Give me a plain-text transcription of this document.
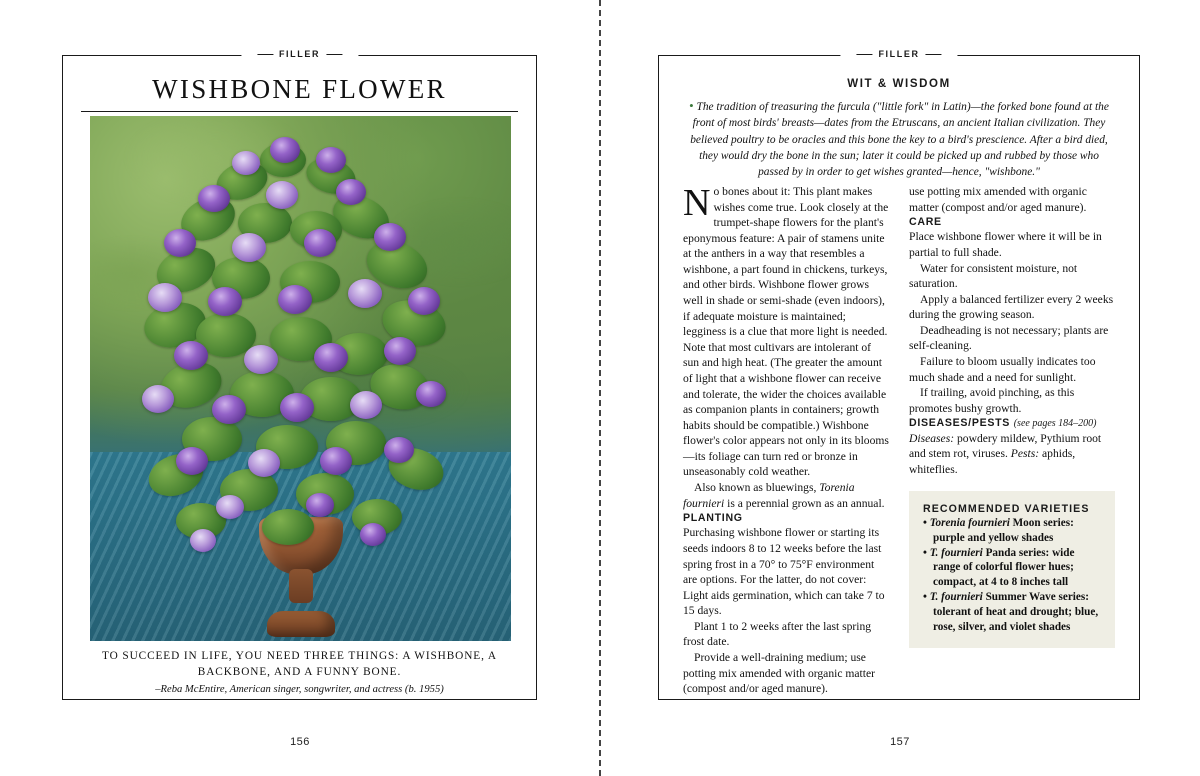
FILLER
WISHBONE FLOWER

TO SUCCEED IN LIFE, YOU NEED THREE THINGS: A WISHBONE, A BACKBONE, AND A FUNNY BONE.

–Reba McEntire, American singer, songwriter, and actress (b. 1955)

156
FILLER

WIT & WISDOM

• The tradition of treasuring the furcula ("little fork" in Latin)—the forked bone found at the front of most birds' breasts—dates from the Etruscans, an ancient Italian civilization. They believed poultry to be oracles and this bone the key to a bird's prescience. After a bird died, they would dry the bone in the sun; later it could be picked up and rubbed by those who passed by in order to get wishes granted—hence, "wishbone."

No bones about it: This plant makes wishes come true. Look closely at the trumpet-shape flowers for the plant's eponymous feature: A pair of stamens unite at the anthers in a way that resembles a wishbone, a part found in chickens, turkeys, and other birds. Wishbone flower grows well in shade or semi-shade (even indoors), if adequate moisture is maintained; legginess is a clue that more light is needed. Note that most cultivars are intolerant of sun and high heat. (The greater the amount of light that a wishbone flower can receive and tolerate, the wider the choices available as companion plants in containers; growth habits should be compatible.) Wishbone flower's color appears not only in its blooms—its foliage can turn red or bronze in unseasonably cold weather.

Also known as bluewings, Torenia fournieri is a perennial grown as an annual.

PLANTING

Purchasing wishbone flower or starting its seeds indoors 8 to 12 weeks before the last spring frost in a 70° to 75°F environment are options. For the latter, do not cover: Light aids germination, which can take 7 to 15 days.

Plant 1 to 2 weeks after the last spring frost date.

Provide a well-draining medium; use potting mix amended with organic matter (compost and/or aged manure).

use potting mix amended with organic matter (compost and/or aged manure).

CARE

Place wishbone flower where it will be in partial to full shade.

Water for consistent moisture, not saturation.

Apply a balanced fertilizer every 2 weeks during the growing season.

Deadheading is not necessary; plants are self-cleaning.

Failure to bloom usually indicates too much shade and a need for sunlight.

If trailing, avoid pinching, as this promotes bushy growth.

DISEASES/PESTS (see pages 184–200)

Diseases: powdery mildew, Pythium root and stem rot, viruses. Pests: aphids, whiteflies.

RECOMMENDED VARIETIES

• Torenia fournieri Moon series: purple and yellow shades

• T. fournieri Panda series: wide range of colorful flower hues; compact, at 4 to 8 inches tall

• T. fournieri Summer Wave series: tolerant of heat and drought; blue, rose, silver, and violet shades

157
